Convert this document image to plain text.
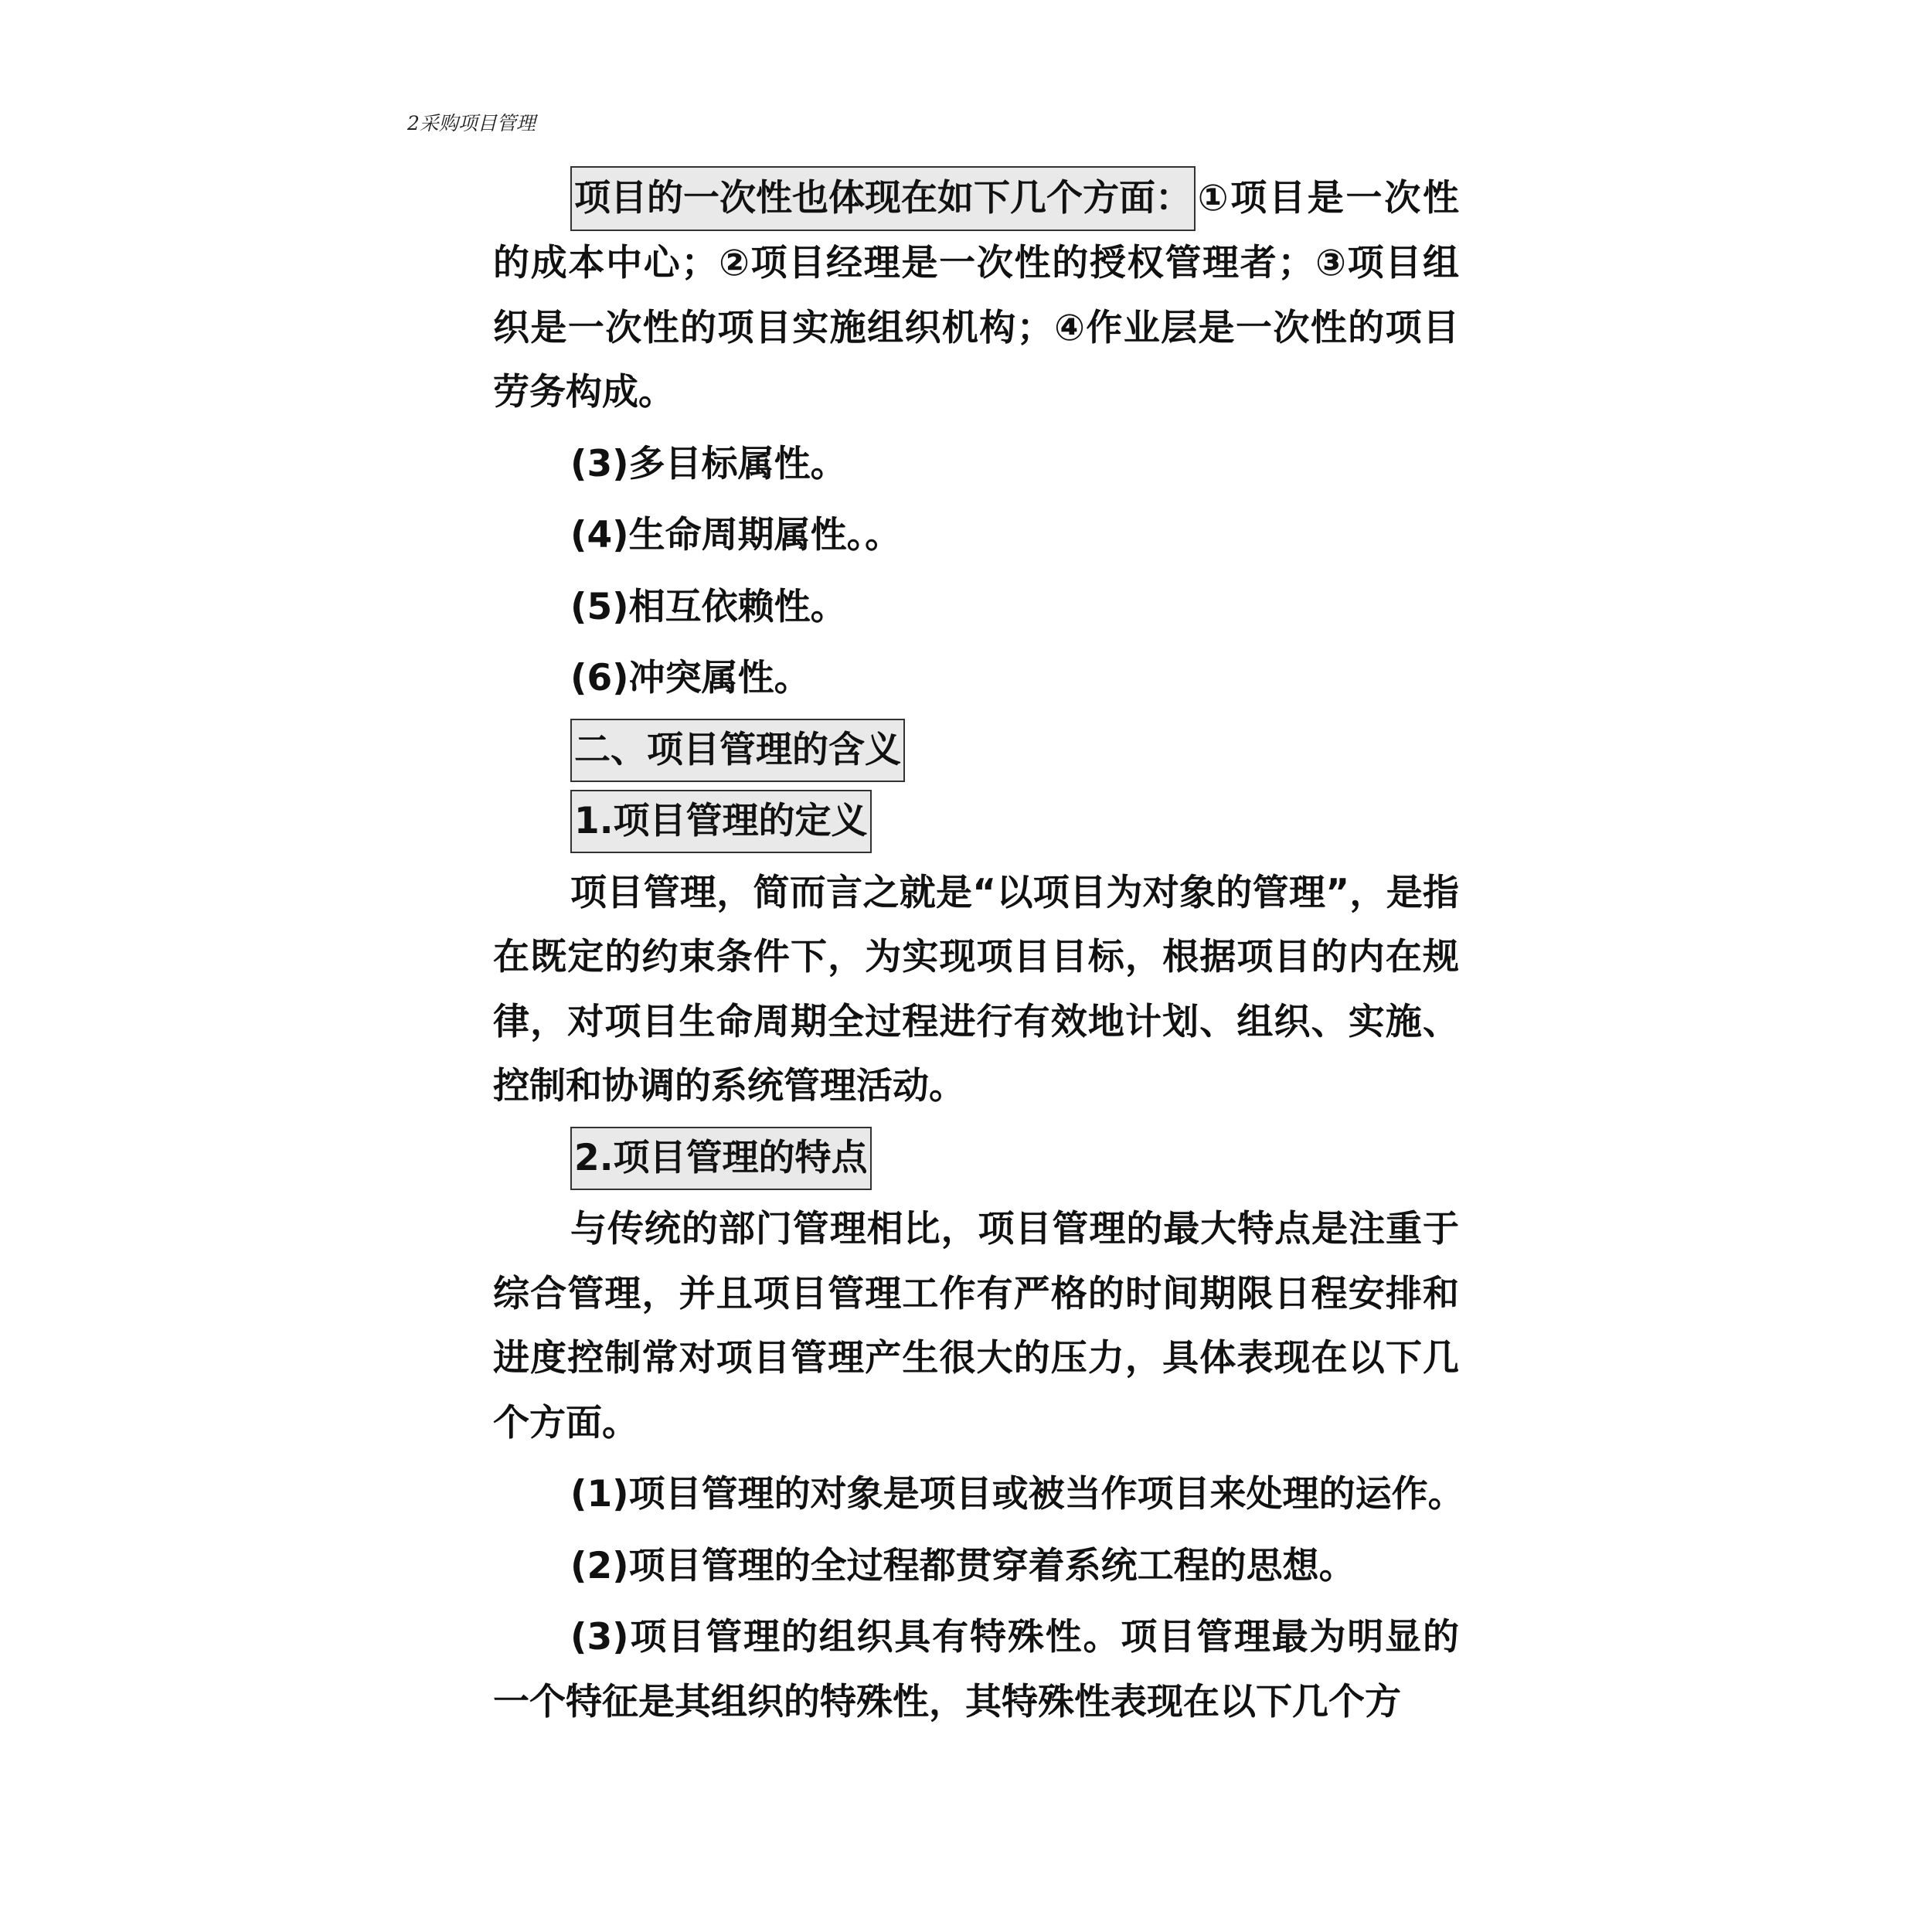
2采购项目管理

项目的一次性也体现在如下几个方面： ①项目是一次性的成本中心；②项目经理是一次性的授权管理者；③项目组织是一次性的项目实施组织机构；④作业层是一次性的项目劳务构成。

(3)多目标属性。

(4)生命周期属性。。

(5)相互依赖性。

(6)冲突属性。

二、项目管理的含义

1.项目管理的定义

项目管理，简而言之就是“以项目为对象的管理”，是指在既定的约束条件下，为实现项目目标，根据项目的内在规律，对项目生命周期全过程进行有效地计划、组织、实施、控制和协调的系统管理活动。

2.项目管理的特点

与传统的部门管理相比，项目管理的最大特点是注重于综合管理，并且项目管理工作有严格的时间期限日程安排和进度控制常对项目管理产生很大的压力，具体表现在以下几个方面。

(1)项目管理的对象是项目或被当作项目来处理的运作。

(2)项目管理的全过程都贯穿着系统工程的思想。

(3)项目管理的组织具有特殊性。项目管理最为明显的一个特征是其组织的特殊性，其特殊性表现在以下几个方
